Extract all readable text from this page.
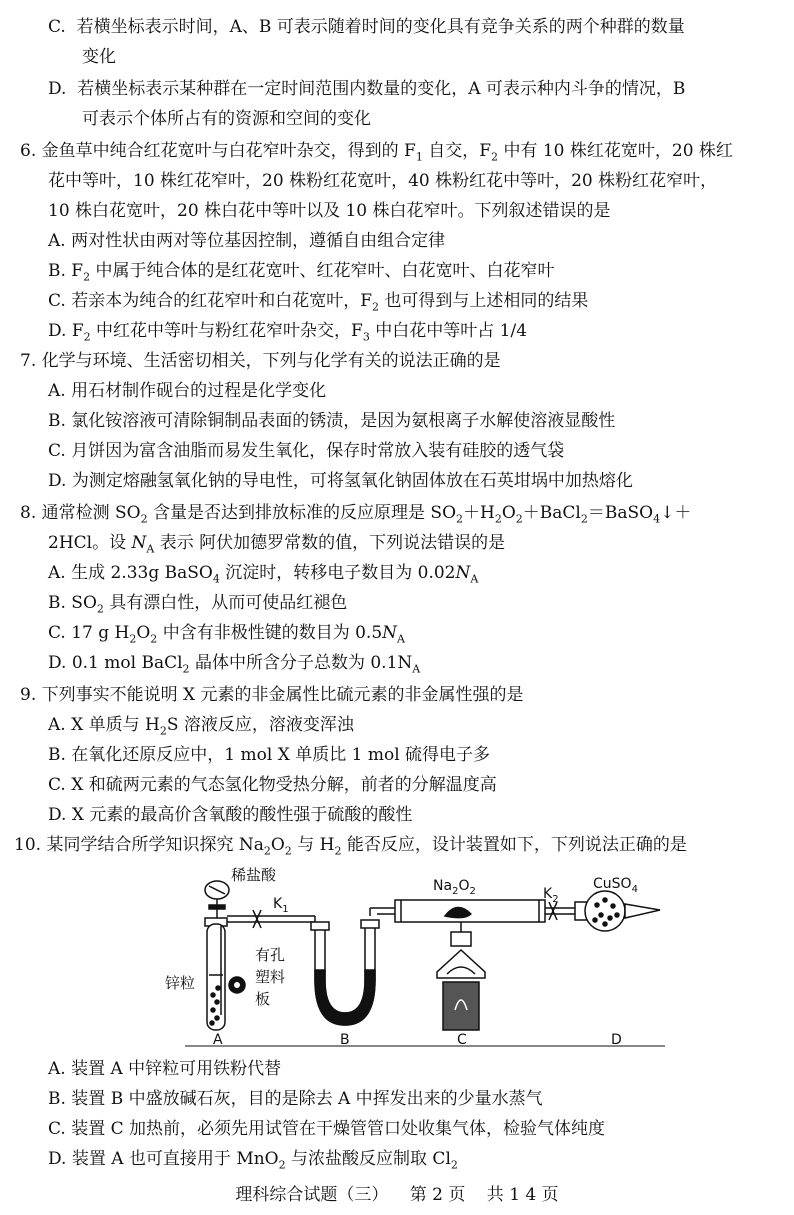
C. 若横坐标表示时间，A、B 可表示随着时间的变化具有竞争关系的两个种群的数量
变化
D. 若横坐标表示某种群在一定时间范围内数量的变化，A 可表示种内斗争的情况，B
可表示个体所占有的资源和空间的变化
6. 金鱼草中纯合红花宽叶与白花窄叶杂交，得到的 $F_1$ 自交，$F_2$ 中有 10 株红花宽叶，20 株红
花中等叶，10 株红花窄叶，20 株粉红花宽叶，40 株粉红花中等叶，20 株粉红花窄叶，
10 株白花宽叶，20 株白花中等叶以及 10 株白花窄叶。下列叙述错误的是
A. 两对性状由两对等位基因控制，遵循自由组合定律
B. $F_2$ 中属于纯合体的是红花宽叶、红花窄叶、白花宽叶、白花窄叶
C. 若亲本为纯合的红花窄叶和白花宽叶，$F_2$ 也可得到与上述相同的结果
D. $F_2$ 中红花中等叶与粉红花窄叶杂交，$F_3$ 中白花中等叶占 1/4
7. 化学与环境、生活密切相关，下列与化学有关的说法正确的是
A. 用石材制作砚台的过程是化学变化
B. 氯化铵溶液可清除铜制品表面的锈渍，是因为氨根离子水解使溶液显酸性
C. 月饼因为富含油脂而易发生氧化，保存时常放入装有硅胶的透气袋
D. 为测定熔融氢氧化钠的导电性，可将氢氧化钠固体放在石英坩埚中加热熔化
8. 通常检测 $SO_2$ 含量是否达到排放标准的反应原理是 $SO_2+H_2O_2+BaCl_2=BaSO_4↓+$
2HCl。设 $N_A$ 表示 阿伏加德罗常数的值，下列说法错误的是
A. 生成 2.33g BaSO$_4$ 沉淀时，转移电子数目为 $0.02N_A$
B. $SO_2$ 具有漂白性，从而可使品红褪色
C. 17 g $H_2O_2$ 中含有非极性键的数目为 $0.5N_A$
D. 0.1 mol BaCl$_2$ 晶体中所含分子总数为 $0.1N_A$
9. 下列事实不能说明 X 元素的非金属性比硫元素的非金属性强的是
A. X 单质与 $H_2S$ 溶液反应，溶液变浑浊
B. 在氧化还原反应中，1 mol X 单质比 1 mol 硫得电子多
C. X 和硫两元素的气态氢化物受热分解，前者的分解温度高
D. X 元素的最高价含氧酸的酸性强于硫酸的酸性
10. 某同学结合所学知识探究 $Na_2O_2$ 与 $H_2$ 能否反应，设计装置如下，下列说法正确的是
稀盐酸
$K_1$
$Na_2O_2$	$K_2$
CuSO$_4$
锌粒
有孔
塑料
板
A	B	C	D
A. 装置 A 中锌粒可用铁粉代替
B. 装置 B 中盛放碱石灰，目的是除去 A 中挥发出来的少量水蒸气
C. 装置 C 加热前，必须先用试管在干燥管管口处收集气体，检验气体纯度
D. 装置 A 也可直接用于 MnO$_2$ 与浓盐酸反应制取 $Cl_2$
理科综合试题（三） 第 2 页 共 1 4 页
